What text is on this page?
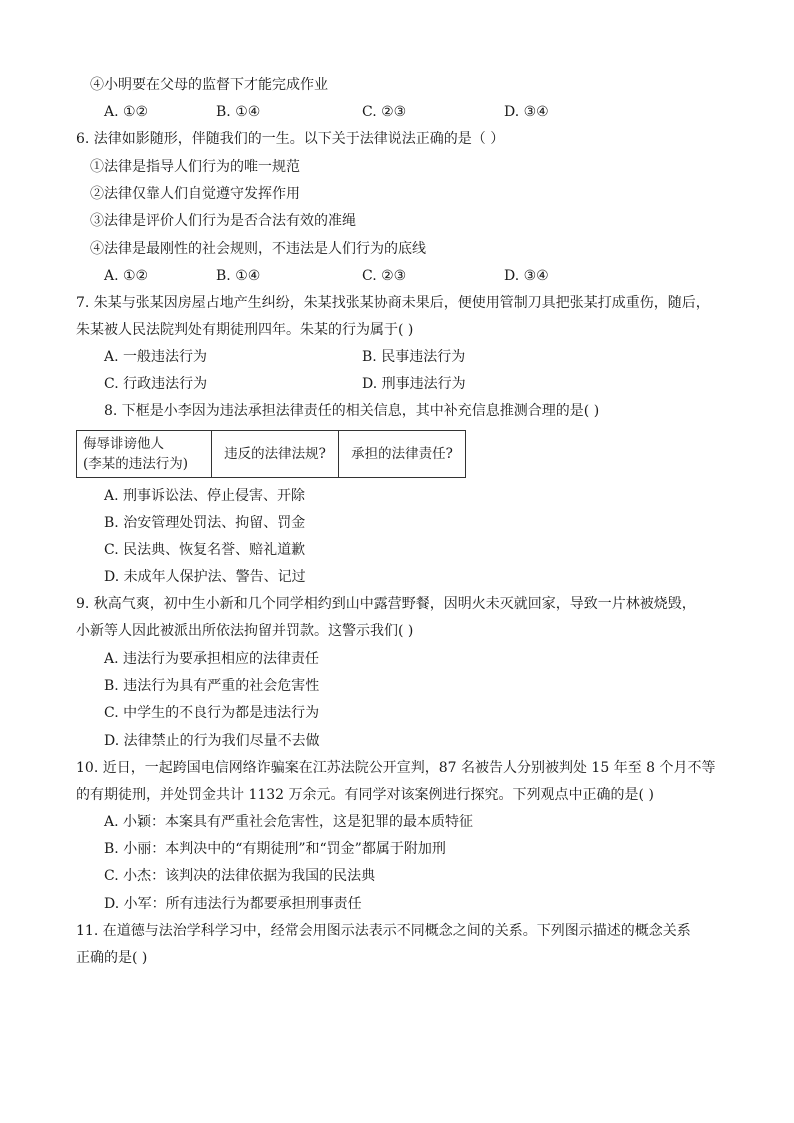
④小明要在父母的监督下才能完成作业
A. ①②	B. ①④	C. ②③	D. ③④
6. 法律如影随形，伴随我们的一生。以下关于法律说法正确的是（ ）
①法律是指导人们行为的唯一规范
②法律仅靠人们自觉遵守发挥作用
③法律是评价人们行为是否合法有效的准绳
④法律是最刚性的社会规则，不违法是人们行为的底线
A. ①②	B. ①④	C. ②③	D. ③④
7. 朱某与张某因房屋占地产生纠纷，朱某找张某协商未果后，便使用管制刀具把张某打成重伤，随后，
朱某被人民法院判处有期徒刑四年。朱某的行为属于( )
A. 一般违法行为	B. 民事违法行为
C. 行政违法行为	D. 刑事违法行为
8. 下框是小李因为违法承担法律责任的相关信息，其中补充信息推测合理的是( )
侮辱诽谤他人
(李某的违法行为)
	违反的法律法规?	承担的法律责任?
A. 刑事诉讼法、停止侵害、开除
B. 治安管理处罚法、拘留、罚金
C. 民法典、恢复名誉、赔礼道歉
D. 未成年人保护法、警告、记过
9. 秋高气爽，初中生小新和几个同学相约到山中露营野餐，因明火未灭就回家，导致一片林被烧毁，
小新等人因此被派出所依法拘留并罚款。这警示我们( )
A. 违法行为要承担相应的法律责任
B. 违法行为具有严重的社会危害性
C. 中学生的不良行为都是违法行为
D. 法律禁止的行为我们尽量不去做
10. 近日，一起跨国电信网络诈骗案在江苏法院公开宣判，87 名被告人分别被判处 15 年至 8 个月不等
的有期徒刑，并处罚金共计 1132 万余元。有同学对该案例进行探究。下列观点中正确的是( )
A. 小颖：本案具有严重社会危害性，这是犯罪的最本质特征
B. 小丽：本判决中的“有期徒刑”和“罚金”都属于附加刑
C. 小杰：该判决的法律依据为我国的民法典
D. 小军：所有违法行为都要承担刑事责任
11. 在道德与法治学科学习中，经常会用图示法表示不同概念之间的关系。下列图示描述的概念关系
正确的是( )
